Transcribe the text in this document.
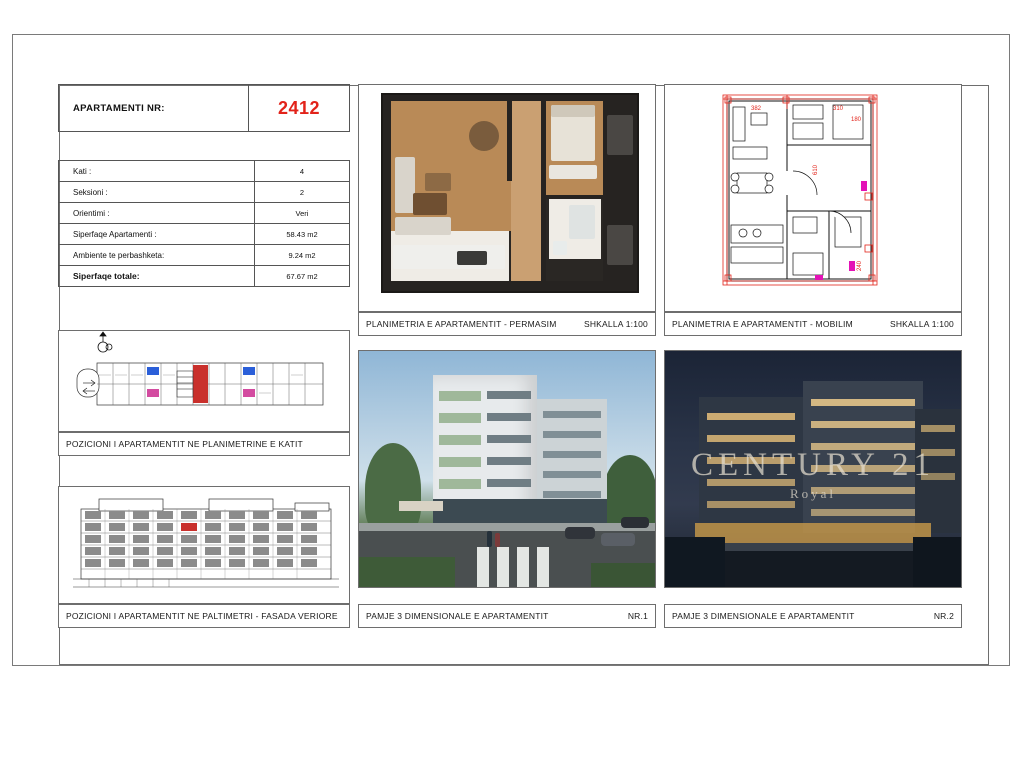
APARTAMENTI NR:	2412
Kati :	4
Seksioni :	2
Orientimi :	Veri
Siperfaqe Apartamenti :	58.43 m2
Ambiente te perbashketa:	9.24 m2
Siperfaqe totale:	67.67 m2
PLANIMETRIA E APARTAMENTIT - PERMASIM	SHKALLA 1:100
382	310
610
240
180
PLANIMETRIA E APARTAMENTIT - MOBILIM	SHKALLA 1:100
POZICIONI I APARTAMENTIT NE PLANIMETRINE E KATIT
POZICIONI I APARTAMENTIT NE PALTIMETRI - FASADA VERIORE	PAMJE 3 DIMENSIONALE E APARTAMENTIT	NR.1
CENTURY 21
Royal
PAMJE 3 DIMENSIONALE E APARTAMENTIT	NR.2
